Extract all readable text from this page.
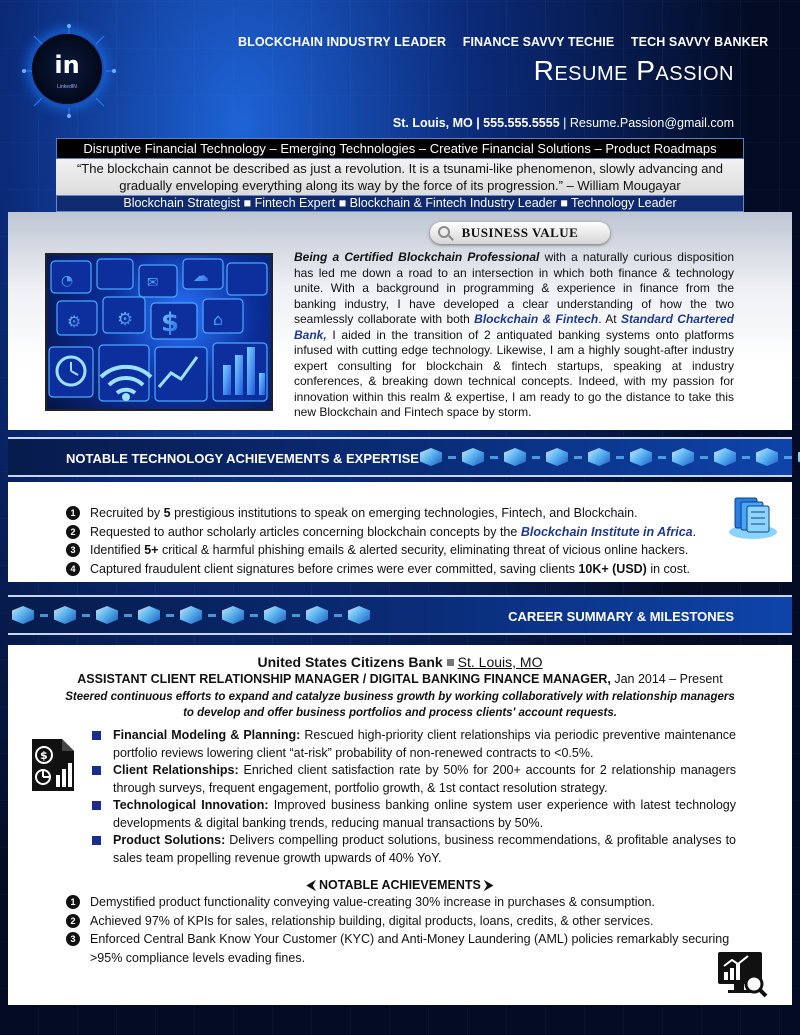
in
LinkedIN
BLOCKCHAIN INDUSTRY LEADER FINANCE SAVVY TECHIE TECH SAVVY BANKER
RESUME PASSION
St. Louis, MO | 555.555.5555 | Resume.Passion@gmail.com
Disruptive Financial Technology – Emerging Technologies – Creative Financial Solutions – Product Roadmaps
“The blockchain cannot be described as just a revolution. It is a tsunami-like phenomenon, slowly advancing and
gradually enveloping everything along its way by the force of its progression.” – William Mougayar
Blockchain Strategist ■ Fintech Expert ■ Blockchain & Fintech Industry Leader ■ Technology Leader
BUSINESS VALUE
$
⚙
⚙	⌂
◔	✉ ☁
Being a Certified Blockchain Professional with a naturally curious disposition has led me down a road to an intersection in which both finance & technology unite. With a background in programming & experience in finance from the banking industry, I have developed a clear understanding of how the two seamlessly collaborate with both Blockchain & Fintech. At Standard Chartered Bank, I aided in the transition of 2 antiquated banking systems onto platforms infused with cutting edge technology. Likewise, I am a highly sought-after industry expert consulting for blockchain & fintech startups, speaking at industry conferences, & breaking down technical concepts. Indeed, with my passion for innovation within this realm & expertise, I am ready to go the distance to take this new Blockchain and Fintech space by storm.
NOTABLE TECHNOLOGY ACHIEVEMENTS & EXPERTISE
1	Recruited by 5 prestigious institutions to speak on emerging technologies, Fintech, and Blockchain.
2	Requested to author scholarly articles concerning blockchain concepts by the Blockchain Institute in Africa.
3	Identified 5+ critical & harmful phishing emails & alerted security, eliminating threat of vicious online hackers.
4	Captured fraudulent client signatures before crimes were ever committed, saving clients 10K+ (USD) in cost.
CAREER SUMMARY & MILESTONES
United States Citizens Bank St. Louis, MO
ASSISTANT CLIENT RELATIONSHIP MANAGER / DIGITAL BANKING FINANCE MANAGER, Jan 2014 – Present
Steered continuous efforts to expand and catalyze business growth by working collaboratively with relationship managers
to develop and offer business portfolios and process clients' account requests.
$
Financial Modeling & Planning: Rescued high-priority client relationships via periodic preventive maintenance portfolio reviews lowering client “at-risk” probability of non-renewed contracts to <0.5%.
Client Relationships: Enriched client satisfaction rate by 50% for 200+ accounts for 2 relationship managers through surveys, frequent engagement, portfolio growth, & 1st contact resolution strategy.
Technological Innovation: Improved business banking online system user experience with latest technology developments & digital banking trends, reducing manual transactions by 50%.
Product Solutions: Delivers compelling product solutions, business recommendations, & profitable analyses to sales team propelling revenue growth upwards of 40% YoY.
⮜ NOTABLE ACHIEVEMENTS ⮞
1	Demystified product functionality conveying value-creating 30% increase in purchases & consumption.
2	Achieved 97% of KPIs for sales, relationship building, digital products, loans, credits, & other services.
3	Enforced Central Bank Know Your Customer (KYC) and Anti-Money Laundering (AML) policies remarkably securing >95% compliance levels evading fines.
